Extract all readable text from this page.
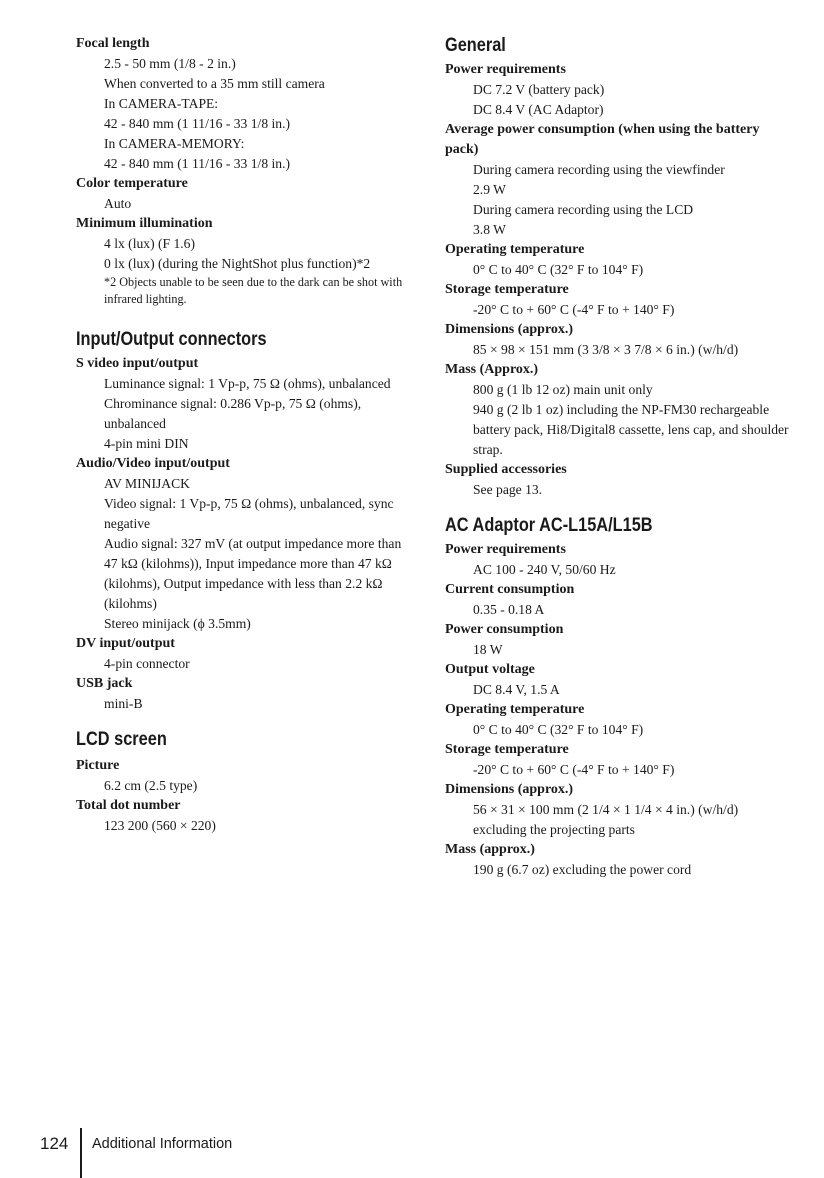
Focal length
2.5 - 50 mm (1/8 - 2 in.)
When converted to a 35 mm still camera
In CAMERA-TAPE:
42 - 840 mm (1 11/16 - 33 1/8 in.)
In CAMERA-MEMORY:
42 - 840 mm (1 11/16 - 33 1/8 in.)
Color temperature
Auto
Minimum illumination
4 lx (lux) (F 1.6)
0 lx (lux) (during the NightShot plus function)*2
*2 Objects unable to be seen due to the dark can be shot with infrared lighting.
Input/Output connectors
S video input/output
Luminance signal: 1 Vp-p, 75 Ω (ohms), unbalanced
Chrominance signal: 0.286 Vp-p, 75 Ω (ohms), unbalanced
4-pin mini DIN
Audio/Video input/output
AV MINIJACK
Video signal: 1 Vp-p, 75 Ω (ohms), unbalanced, sync negative
Audio signal: 327 mV (at output impedance more than 47 kΩ (kilohms)), Input impedance more than 47 kΩ (kilohms), Output impedance with less than 2.2 kΩ (kilohms)
Stereo minijack (ϕ 3.5mm)
DV input/output
4-pin connector
USB jack
mini-B
LCD screen
Picture
6.2 cm (2.5 type)
Total dot number
123 200 (560 × 220)
General
Power requirements
DC 7.2 V (battery pack)
DC 8.4 V (AC Adaptor)
Average power consumption (when using the battery pack)
During camera recording using the viewfinder
2.9 W
During camera recording using the LCD
3.8 W
Operating temperature
0° C to 40° C (32° F to 104° F)
Storage temperature
-20° C to + 60° C (-4° F to + 140° F)
Dimensions (approx.)
85 × 98 × 151 mm (3 3/8 × 3 7/8 × 6 in.) (w/h/d)
Mass (Approx.)
800 g (1 lb 12 oz) main unit only
940 g (2 lb 1 oz) including the NP-FM30 rechargeable battery pack, Hi8/Digital8 cassette, lens cap, and shoulder strap.
Supplied accessories
See page 13.
AC Adaptor AC-L15A/L15B
Power requirements
AC 100 - 240 V, 50/60 Hz
Current consumption
0.35 - 0.18 A
Power consumption
18 W
Output voltage
DC 8.4 V, 1.5 A
Operating temperature
0° C to 40° C (32° F to 104° F)
Storage temperature
-20° C to + 60° C (-4° F to + 140° F)
Dimensions (approx.)
56 × 31 × 100 mm (2 1/4 × 1 1/4 × 4 in.) (w/h/d) excluding the projecting parts
Mass (approx.)
190 g (6.7 oz) excluding the power cord
124 Additional Information
